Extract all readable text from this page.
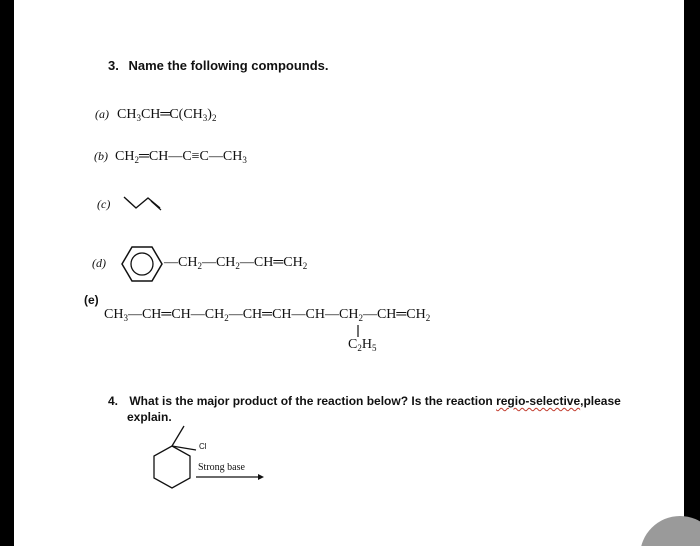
3. Name the following compounds.
(a) $CH_3CH═C(CH_3)_2$
(b) $CH_2═CH—C\equiv C—CH_3$
(c)
(d)	$—CH_2—CH_2—CH═CH_2$
(e)
$CH_3—CH═CH—CH_2—CH═CH—CH—CH_2—CH═CH_2$
$C_2H_5$
4. What is the major product of the reaction below? Is the reaction regio-selective,please
explain.
Cl
Strong base
